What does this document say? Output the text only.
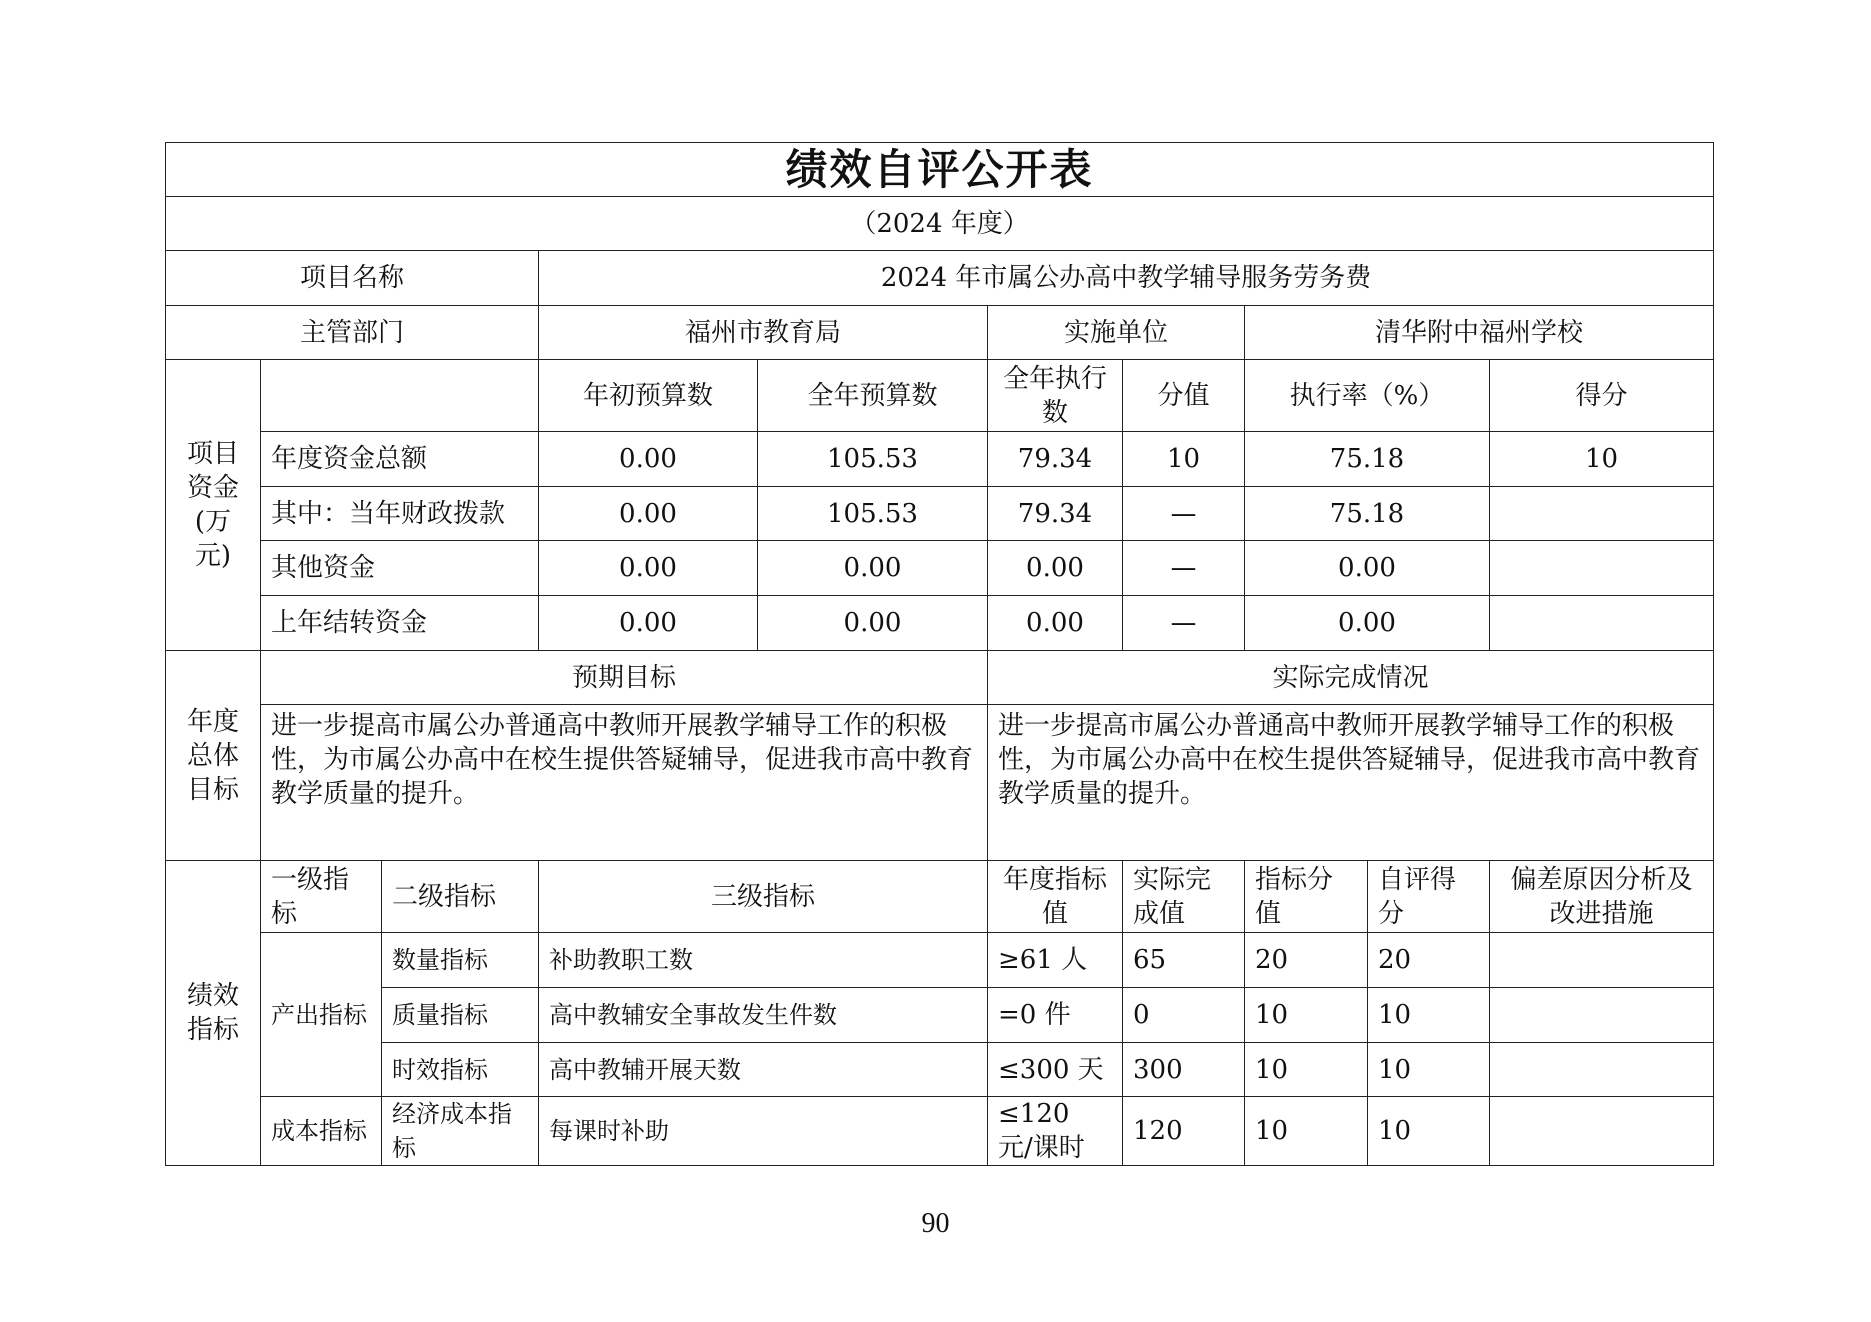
绩效自评公开表									
（2024 年度）									
项目名称			2024 年市属公办高中教学辅导服务劳务费						
主管部门			福州市教育局		实施单位		清华附中福州学校		
项目资金(万元)			年初预算数	全年预算数	全年执行数	分值	执行率（%）		得分
	年度资金总额		0.00	105.53	79.34	10	75.18		10
	其中：当年财政拨款		0.00	105.53	79.34	—	75.18		
	其他资金		0.00	0.00	0.00	—	0.00		
	上年结转资金		0.00	0.00	0.00	—	0.00		
年度总体目标	预期目标				实际完成情况				
	进一步提高市属公办普通高中教师开展教学辅导工作的积极性，为市属公办高中在校生提供答疑辅导，促进我市高中教育教学质量的提升。				进一步提高市属公办普通高中教师开展教学辅导工作的积极性，为市属公办高中在校生提供答疑辅导，促进我市高中教育教学质量的提升。				
绩效指标	一级指标	二级指标	三级指标		年度指标值	实际完成值	指标分值	自评得分	偏差原因分析及改进措施
	产出指标	数量指标	补助教职工数		≥61 人	65	20	20	
		质量指标	高中教辅安全事故发生件数		=0 件	0	10	10	
		时效指标	高中教辅开展天数		≤300 天	300	10	10	
	成本指标	经济成本指标	每课时补助		≤120 元/课时	120	10	10	
90
